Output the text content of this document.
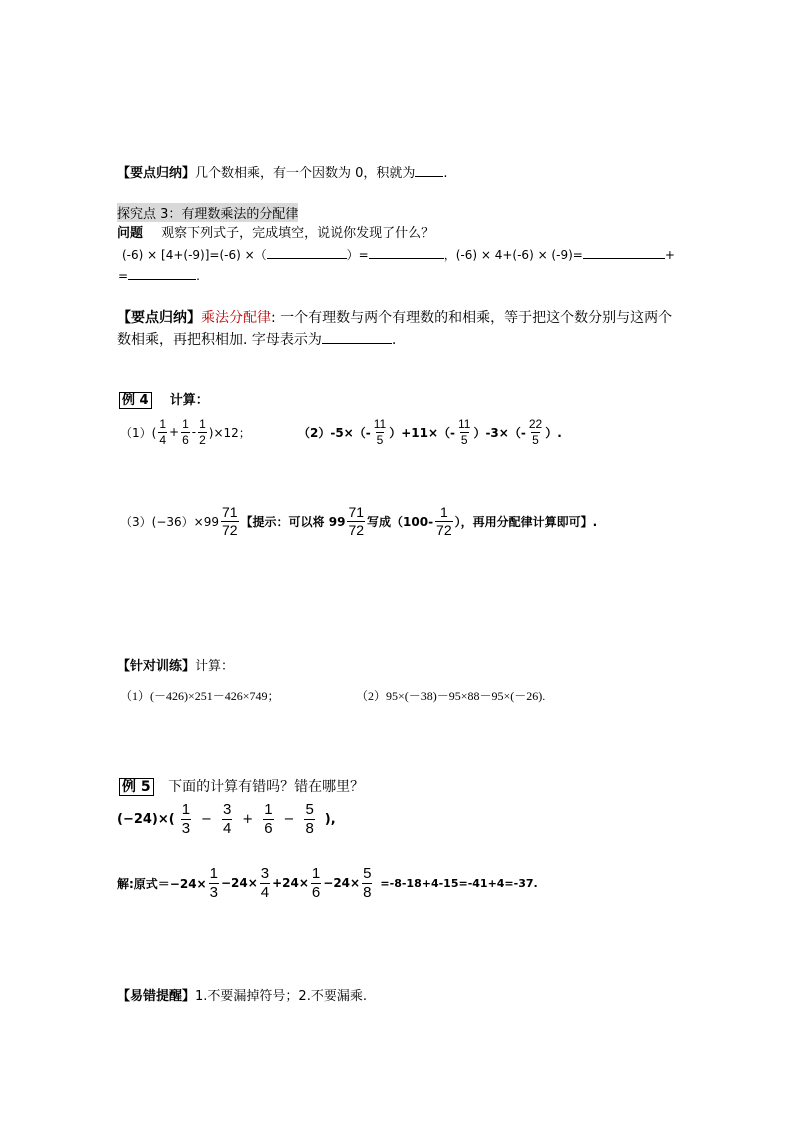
【要点归纳】几个数相乘，有一个因数为 0，积就为 .
探究点 3：有理数乘法的分配律
问题 观察下列式子，完成填空，说说你发现了什么？
(-6) × [4+(-9)]=(-6) ×（	）=	，(-6) × 4+(-6) × (-9)=	+
=	.
【要点归纳】乘法分配律: 一个有理数与两个有理数的和相乘，等于把这个数分别与这两个
数相乘，再把积相加. 字母表示为	.
例 4 计算：
$(1)( \frac{1}{4} + \frac{1}{6} - \frac{1}{2} )\times 12$；	$(2)-5\times(- \frac{11}{5} )+11\times(- \frac{11}{5} )-3\times(- \frac{22}{5}$ ）.
$(3)(-36)\times 99 \frac{71}{72}$ 【提示：可以将 $99 \frac{71}{72}$ 写成（$100- \frac{1}{72}$ ），再用分配律计算即可】.
【针对训练】计算：
（1）(－426)×251－426×749；	（2）95×(－38)－95×88－95×(－26).
例 5 下面的计算有错吗？错在哪里？
$(-24)\times( \frac{1}{3} - \frac{3}{4} + \frac{1}{6} - \frac{5}{8}$ ),
解:原式$=-24\times \frac{1}{3} -24\times \frac{3}{4} +24\times \frac{1}{6} -24\times \frac{5}{8} =-8-18+4-15=-41+4=-37$.
【易错提醒】1.不要漏掉符号；2.不要漏乘.
